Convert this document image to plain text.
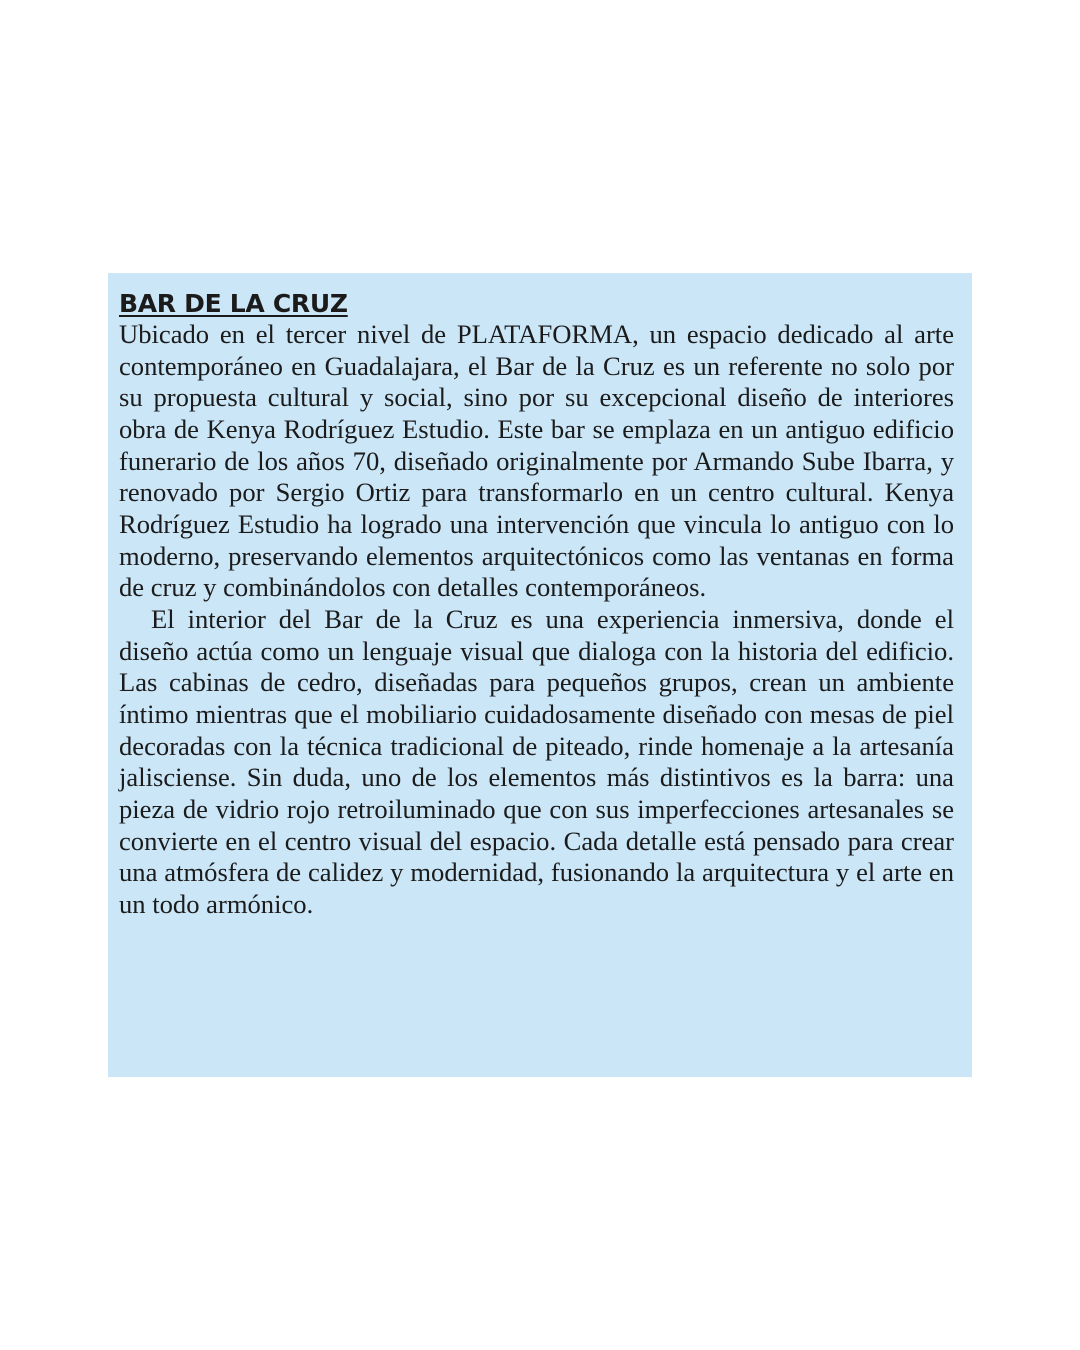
BAR DE LA CRUZ

Ubicado en el tercer nivel de PLATAFORMA, un espacio dedicado al arte contemporáneo en Guadalajara, el Bar de la Cruz es un referente no solo por su propuesta cultural y social, sino por su excepcional diseño de interiores obra de Kenya Rodríguez Estudio. Este bar se emplaza en un antiguo edificio funerario de los años 70, diseñado originalmente por Armando Sube Ibarra, y renovado por Sergio Ortiz para transformarlo en un centro cultural. Kenya Rodríguez Estudio ha logrado una intervención que vincula lo antiguo con lo moderno, preservando elementos arquitectónicos como las ventanas en forma de cruz y combinándolos con detalles contemporáneos.

El interior del Bar de la Cruz es una experiencia inmersiva, donde el diseño actúa como un lenguaje visual que dialoga con la historia del edificio. Las cabinas de cedro, diseñadas para pequeños grupos, crean un ambiente íntimo mientras que el mobiliario cuidadosamente diseñado con mesas de piel decoradas con la técnica tradicional de piteado, rinde homenaje a la artesanía jalisciense. Sin duda, uno de los elementos más distintivos es la barra: una pieza de vidrio rojo retroiluminado que con sus imperfecciones artesanales se convierte en el centro visual del espacio. Cada detalle está pensado para crear una atmósfera de calidez y modernidad, fusionando la arquitectura y el arte en un todo armónico.
